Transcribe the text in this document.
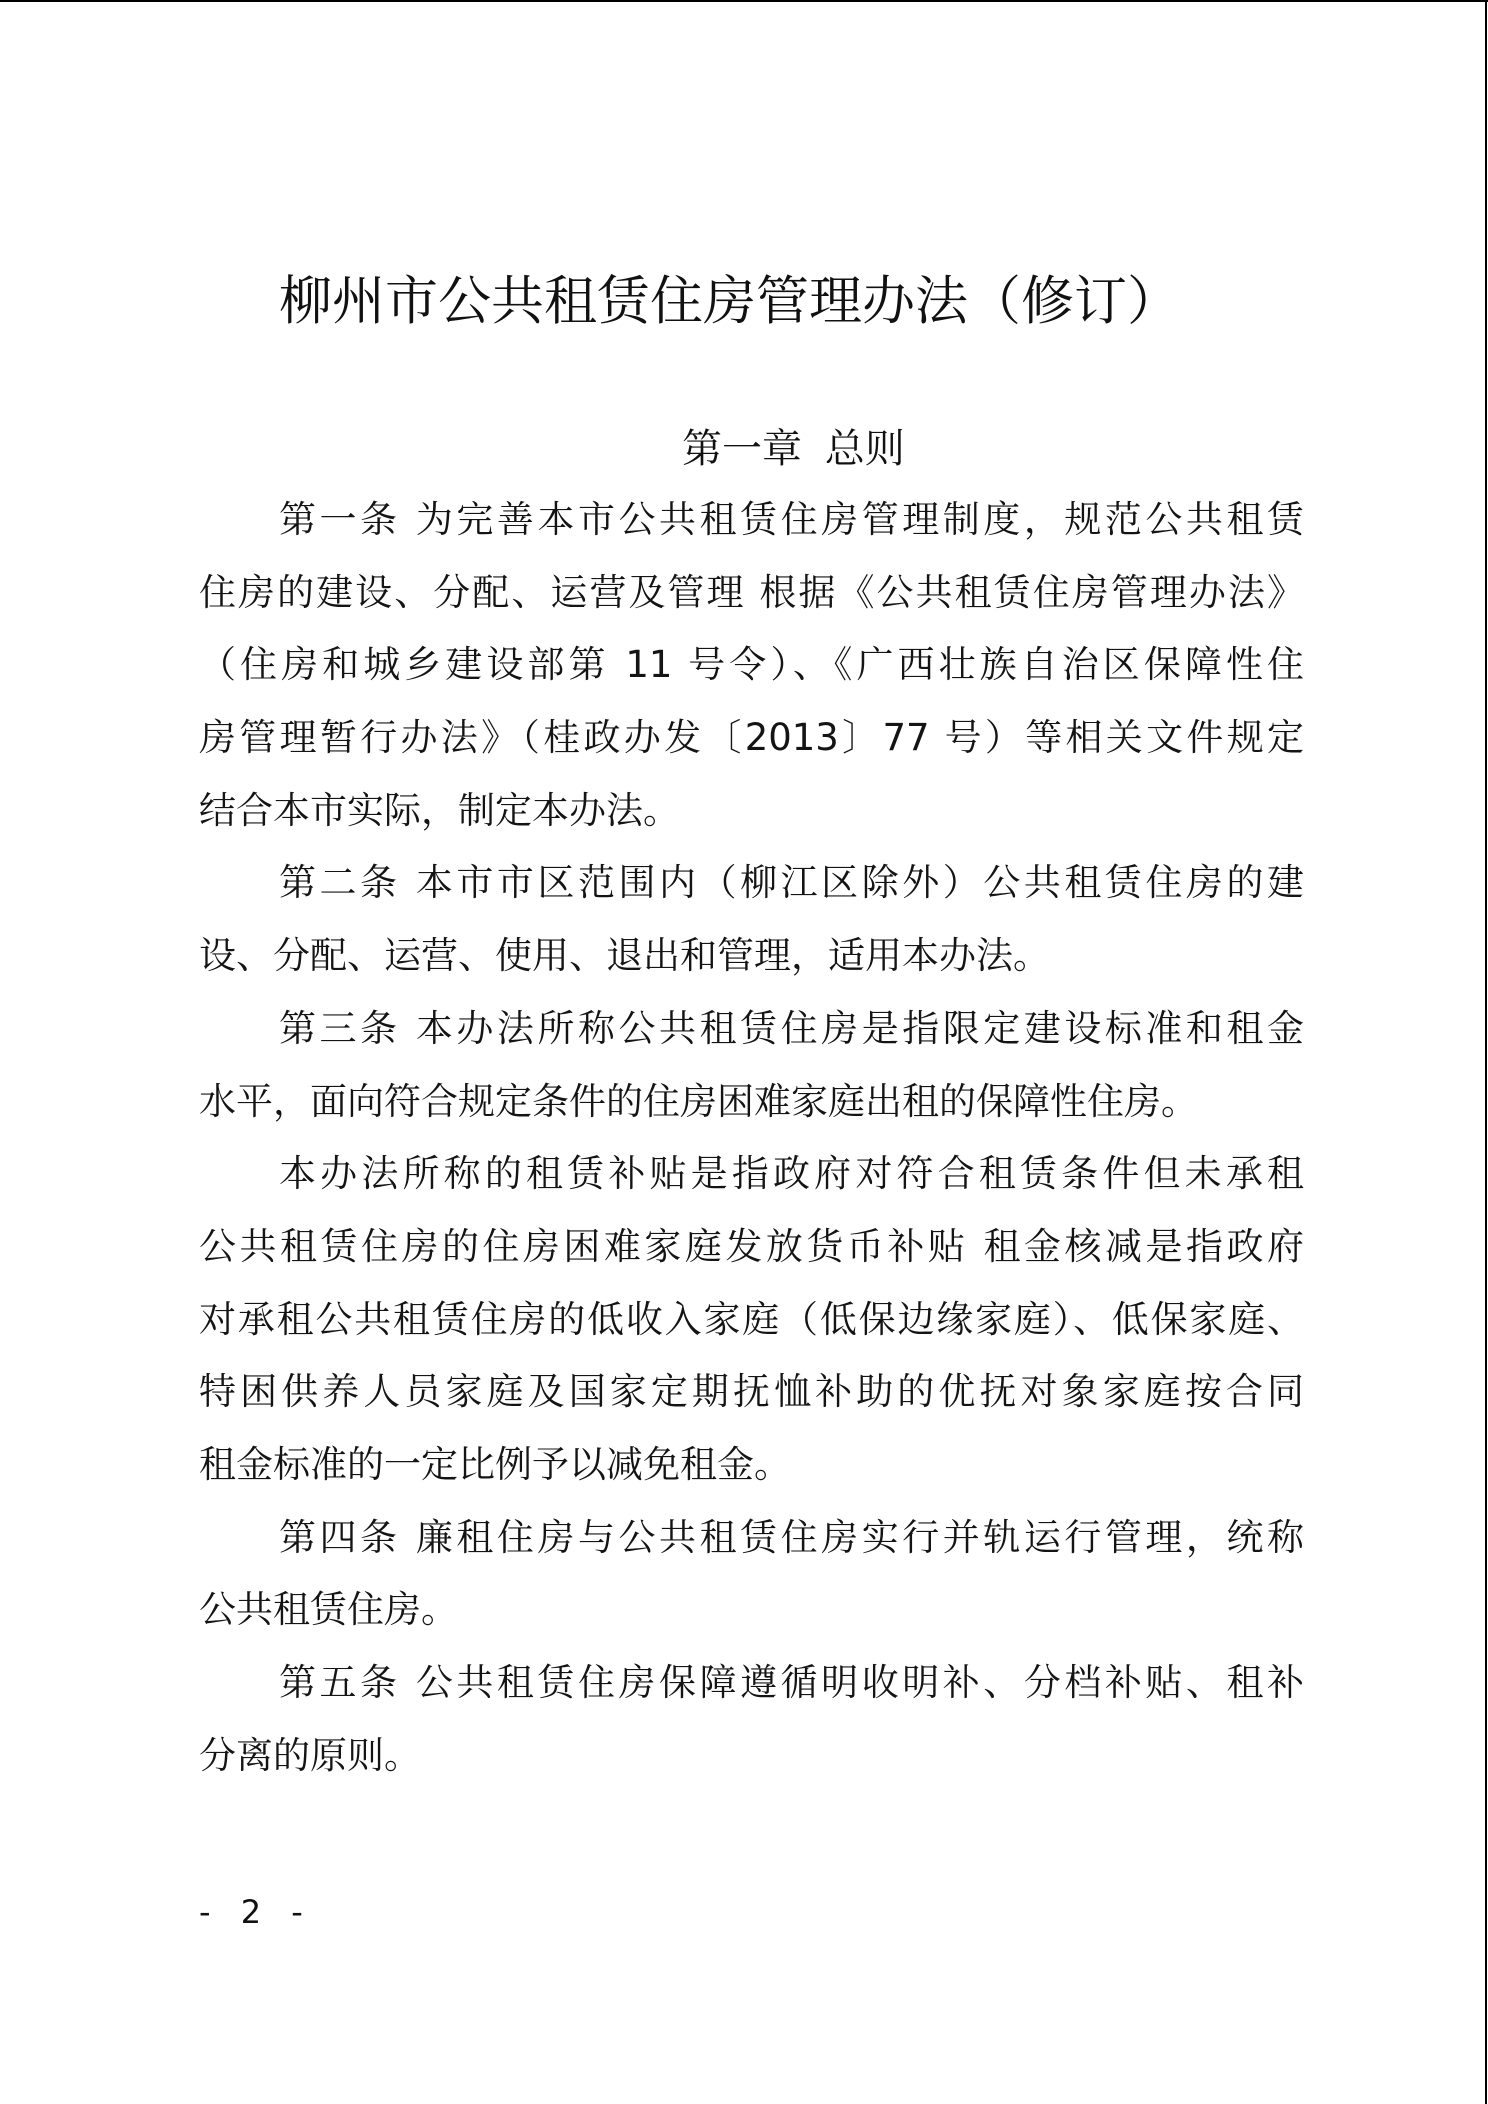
柳州市公共租赁住房管理办法（修订）
第一章 总则
第一条 为完善本市公共租赁住房管理制度，规范公共租赁
住房的建设、分配、运营及管理 根据《公共租赁住房管理办法》
（住房和城乡建设部第 11 号令）、《广西壮族自治区保障性住
房管理暂行办法》（桂政办发〔2013〕77 号）等相关文件规定
结合本市实际，制定本办法。
第二条 本市市区范围内（柳江区除外）公共租赁住房的建
设、分配、运营、使用、退出和管理，适用本办法。
第三条 本办法所称公共租赁住房是指限定建设标准和租金
水平，面向符合规定条件的住房困难家庭出租的保障性住房。
本办法所称的租赁补贴是指政府对符合租赁条件但未承租
公共租赁住房的住房困难家庭发放货币补贴 租金核减是指政府
对承租公共租赁住房的低收入家庭（低保边缘家庭）、低保家庭、
特困供养人员家庭及国家定期抚恤补助的优抚对象家庭按合同
租金标准的一定比例予以减免租金。
第四条 廉租住房与公共租赁住房实行并轨运行管理，统称
公共租赁住房。
第五条 公共租赁住房保障遵循明收明补、分档补贴、租补
分离的原则。
- 2 -
